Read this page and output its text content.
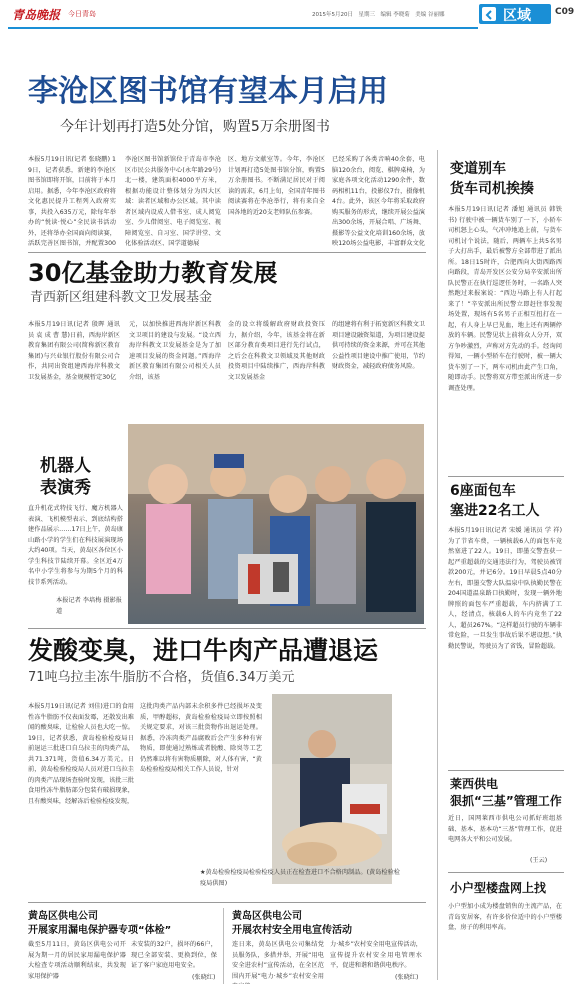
青岛晚报 今日青岛	2015年5月20日　星期三　编辑 李晓菊　美编 谷丽娜	区域	C09
李沧区图书馆有望本月启用
今年计划再打造5处分馆，购置5万余册图书
本报5月19日讯(记者 张晓鹏) 19日，记者获悉，新建的李沧区图书馆即将开馆，目前将于本月启用。据悉，今年李沧区政府将文化惠民提升工程列入政府实事，共投入635万元，除每年举办的“悦读·悦心”全民读书活动外，还将举办全国面向阅读赛，活跃完善区图书馆，并配置300
李沧区图书馆新馆位于青岛市李沧区市民公共服务中心(永年路29号)北一楼，建筑面积4000平方米，根据功能设计整体划分为四大区域：读者区域和办公区域。其中读者区域内设成人借书室、成人阅览室、少儿借阅室、电子阅览室、视障阅览室、自习室、国学讲堂、文化体验活动区、国学道德展
区、地方文献室等。今年，李沧区计划再打造5处图书馆分馆，购置5万余册图书。不断满足居民对于阅读的需求，6月上旬，全国青年图书阅读赛将在李沧举行，将有来自全国各地的近20支老师队伍参赛。
已经采购了各类音响40余套，电脑120余台，阅览、棋牌桌椅，为家庭各项文化活动1290余件，数码相机11台，投影仪7台，摄像机4台。此外，该区今年将采取政府购买服务的形式，继续开展公益演出300余场，开展合唱、广场舞、摄影等公益文化培训160余场，放映120场公益电影，丰富群众文化
30亿基金助力教育发展
青西新区组建科教文卫发展基金
本报5月19日讯(记者 殷晖 通讯员 袁 成 曹 慧)日前，西海岸新区教育集团有限公司(简称新区教育集团)与兴业银行股份有限公司合作，共同出资组建西海岸科教文卫发展基金，基金规模暂定30亿
元，以加快推进西海岸新区科教文卫项目的建设与发展。“设立西海岸科教文卫发展基金是为了加速项目发展的资金问题。”西海岸新区教育集团有限公司相关人员介绍，该基
金的设立将缓解政府财政投资压力，据介绍，今年，该基金将在新区部分教育类项目进行先行试点，之后会在科教文卫领域及其他财政投资项目中陆续推广，西海岸科教文卫发展基金
的组建将有利于拓宽新区科教文卫项目建设融资渠道，为项目建设提供可持续的资金来源，并可在其他公益性项目建设中推广使用，节约财政资金，减轻政府债务风险。
机器人
表演秀
直升机花式特技飞行、魔方机器人表演、飞机模型表示、到底结构搭建作品展示……17日上午，黄岛康山路小学的学生们在科技展演现场大约40项。当天，黄岛区各位区小学生科技节陆续开幕。全区近4万名中小学生将参与为期5个月的科技节系列活动。
本报记者 李培梅 摄影报道
发酸变臭，进口牛肉产品遭退运
71吨乌拉圭冻牛脂肪不合格，货值6.34万美元
本报5月19日讯(记者 刘佳)进口的食用性冻牛脂肪不仅表面发霉，还散发出难闻的酸臭味，让检验人员也大吃一惊。19日，记者获悉，黄岛检验检疫局日前退运三批进口自乌拉圭的肉类产品，共71.371吨，货值6.34万美元。日前，黄岛检验检疫局人员对进口乌拉圭的肉类产品现场查验时发现，该批三批食用性冻牛脂肪部分包装有破损现象，且有酸臭味，经解冻后检验检疫发现，
这批肉类产品内部未余积多件已经损坏及变质，甲醇超标，黄岛检验检疫局立即按照相关规定要求，对该三批货物作出退运处理。据悉，冷冻肉类产品腐败后会产生多种有害物质，即使通过熟炼或者脱酸、除臭等工艺仍然难以将有害物质剔除，对人体有害，“黄岛检验检疫局相关工作人员说，针对
★黄岛检验检疫局检验检疫人员正在检查进口不合格肉制品。(黄岛检验检疫局供图)
黄岛区供电公司
开展家用漏电保护器专项“体检”
截至5月11日，黄岛区供电公司开展为期一月的居民家用漏电保护器大检查专项活动顺利结束，共发现家用保护器
未安装的32户，损坏的66户，现已全部安装、更换到位，保证了客户家庭用电安全。
(张晓红)
黄岛区供电公司
开展农村安全用电宣传活动
连日来，黄岛区供电公司集结党员服务队，多措并举，开展“用电安全进农村”宣传活动，在全区范围内开展“电力·城乡”农村安全用
力·城乡”农村安全用电宣传活动，宣传提升农村安全用电管理水平，促进和谐和谐供电秩序。
(张晓红)
变道别车
货车司机挨揍
本报5月19日讯(记者 潘旭 通讯员 韩铁书) 行驶中被一辆货车别了一下，小轿车司机怒上心头，气冲冲地追上前，与货车司机讨个说法，随后，两辆车上共5名男子大打出手，最后被警方全部带进了派出所。18日15时许，合肥西向大街西路西向路段，青岛开发区公安分局辛安派出所队民警正在执行巡逻任务时，一名路人突然跑过来报案说：“西边马路上有人打起来了！”辛安派出所民警立即赶往事发现场处置，现场有5名男子正相互扭打在一起，有人身上早已见血，地上还有两辆停放的车辆。民警见状上前将众人分开，双方争吵激烈，声称对方先动的手。经询问得知，一辆小型轿车在行驶时，被一辆大货车别了一下，两车司机由此产生口角，随即动手。民警将双方带至派出所进一步调查处理。
6座面包车
塞进22名工人
本报5月19日讯(记者 宋媛 通讯员 学 祥) 为了节省车费，一辆核载6人的面包车竟然塞进了22人。19日，即墨交警查获一起严重超载的交通违法行为，驾驶员被罚款200元，并记6分。19日早晨5点40分左右，即墨交警大队温泉中队执勤民警在204国道温泉路口执勤时，发现一辆外地牌照的面包车严重超载，车内挤满了工人，经清点，核载6人的车内竟坐了22人，超员267%。“这样超员行驶的车辆非常危险，一旦发生事故后果不堪设想。”执勤民警说，驾驶员为了省钱，冒险超载。
莱西供电
狠抓“三基”管理工作
近日，国网莱西市供电公司抓好班组基础、基本、基本功“三基”管理工作，促进电网各大平和公司发展。
(王云)
小户型楼盘网上找
小户型加小成为楼盘销售的主流产品，在青岛安居客，有许多价位适中的小户型楼盘，房子的利用率高。
